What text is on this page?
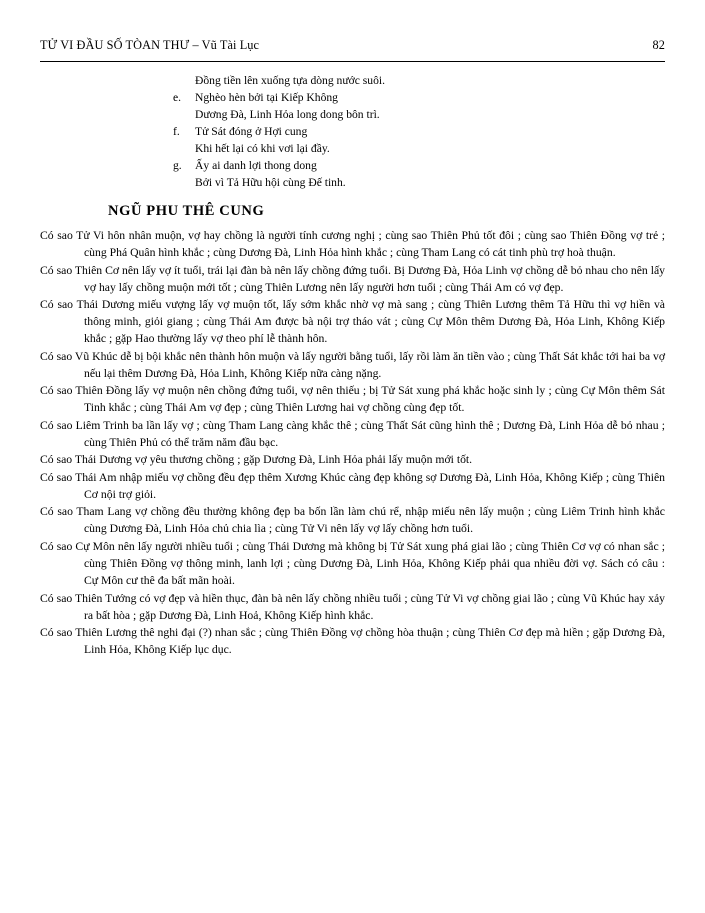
TỬ VI ĐẦU SỐ TÒAN THƯ – Vũ Tài Lục	82
Đồng tiền lên xuống tựa dòng nước suôi.
e.	Nghèo hèn bởi tại Kiếp Không
Dương Đà, Linh Hỏa long dong bôn trì.
f.	Tử Sát đóng ở Hợi cung
Khi hết lại có khi vơi lại đầy.
g.	Ấy ai danh lợi thong dong
Bởi vì Tả Hữu hội cùng Đế tinh.
NGŨ PHU THÊ CUNG

Có sao Tử Vi hôn nhân muộn, vợ hay chồng là người tính cương nghị ; cùng sao Thiên Phủ tốt đôi ; cùng sao Thiên Đồng vợ trẻ ; cùng Phá Quân hình khắc ; cùng Dương Đà, Linh Hỏa hình khắc ; cùng Tham Lang có cát tinh phù trợ hoà thuận.

Có sao Thiên Cơ nên lấy vợ ít tuổi, trái lại đàn bà nên lấy chồng đứng tuổi. Bị Dương Đà, Hỏa Linh vợ chồng dễ bỏ nhau cho nên lấy vợ hay lấy chồng muộn mới tốt ; cùng Thiên Lương nên lấy người hơn tuổi ; cùng Thái Am có vợ đẹp.

Có sao Thái Dương miếu vượng lấy vợ muộn tốt, lấy sớm khắc nhờ vợ mà sang ; cùng Thiên Lương thêm Tả Hữu thì vợ hiền và thông minh, giỏi giang ; cùng Thái Am được bà nội trợ tháo vát ; cùng Cự Môn thêm Dương Đà, Hỏa Linh, Không Kiếp khắc ; gặp Hao thường lấy vợ theo phí lễ thành hôn.

Có sao Vũ Khúc dễ bị bội khắc nên thành hôn muộn và lấy người bằng tuổi, lấy rồi làm ăn tiền vào ; cùng Thất Sát khắc tới hai ba vợ nếu lại thêm Dương Đà, Hỏa Linh, Không Kiếp nữa càng nặng.

Có sao Thiên Đồng lấy vợ muộn nên chồng đứng tuổi, vợ nên thiếu ; bị Tử Sát xung phá khắc hoặc sinh ly ; cùng Cự Môn thêm Sát Tinh khắc ; cùng Thái Am vợ đẹp ; cùng Thiên Lương hai vợ chồng cùng đẹp tốt.

Có sao Liêm Trinh ba lần lấy vợ ; cùng Tham Lang càng khắc thê ; cùng Thất Sát cũng hình thê ; Dương Đà, Linh Hỏa dễ bỏ nhau ; cùng Thiên Phủ có thể trăm năm đầu bạc.

Có sao Thái Dương vợ yêu thương chồng ; gặp Dương Đà, Linh Hỏa phải lấy muộn mới tốt.

Có sao Thái Am nhập miếu vợ chồng đều đẹp thêm Xương Khúc càng đẹp không sợ Dương Đà, Linh Hỏa, Không Kiếp ; cùng Thiên Cơ nội trợ giỏi.

Có sao Tham Lang vợ chồng đều thường không đẹp ba bốn lần làm chú rể, nhập miếu nên lấy muộn ; cùng Liêm Trinh hình khắc cùng Dương Đà, Linh Hỏa chủ chia lìa ; cùng Tử Vi nên lấy vợ lấy chồng hơn tuổi.

Có sao Cự Môn nên lấy người nhiều tuổi ; cùng Thái Dương mà không bị Tử Sát xung phá giai lão ; cùng Thiên Cơ vợ có nhan sắc ; cùng Thiên Đồng vợ thông minh, lanh lợi ; cùng Dương Đà, Linh Hỏa, Không Kiếp phải qua nhiều đời vợ. Sách có câu : Cự Môn cư thê đa bất mãn hoài.

Có sao Thiên Tướng có vợ đẹp và hiền thục, đàn bà nên lấy chồng nhiều tuổi ; cùng Tử Vi vợ chồng giai lão ; cùng Vũ Khúc hay xảy ra bất hòa ; gặp Dương Đà, Linh Hoả, Không Kiếp hình khắc.

Có sao Thiên Lương thê nghi đại (?) nhan sắc ; cùng Thiên Đồng vợ chồng hòa thuận ; cùng Thiên Cơ đẹp mà hiền ; gặp Dương Đà, Linh Hỏa, Không Kiếp lục dục.
